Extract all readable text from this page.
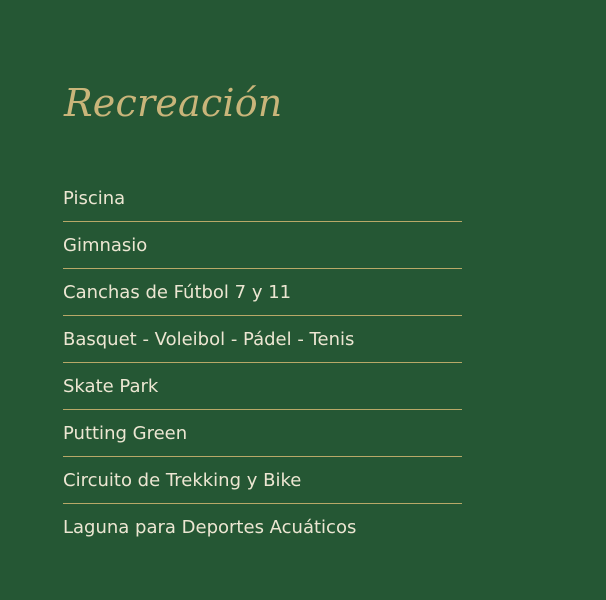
Recreación
Piscina
Gimnasio
Canchas de Fútbol 7 y 11
Basquet - Voleibol - Pádel - Tenis
Skate Park
Putting Green
Circuito de Trekking y Bike
Laguna para Deportes Acuáticos
